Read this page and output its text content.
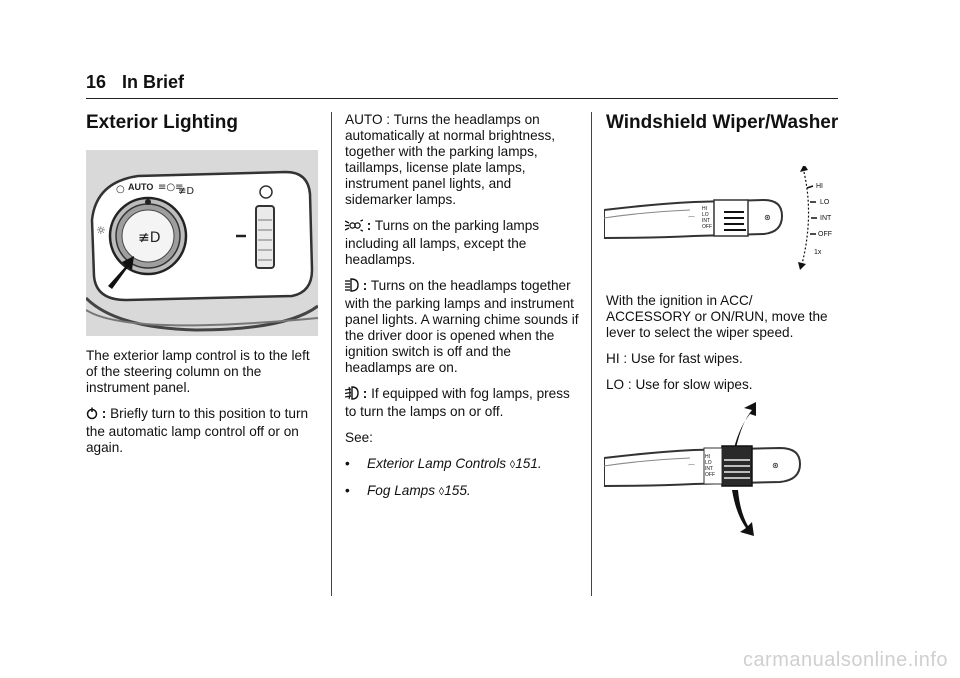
16 In Brief
Exterior Lighting
≢D
☼
○ AUTO ≡○≡
≢D

The exterior lamp control is to the left of the steering column on the instrument panel.

: Briefly turn to this position to turn the automatic lamp control off or on again.

AUTO : Turns the headlamps on automatically at normal brightness, together with the parking lamps, taillamps, license plate lamps, instrument panel lights, and sidemarker lamps.

: Turns on the parking lamps including all lamps, except the headlamps.

: Turns on the headlamps together with the parking lamps and instrument panel lights. A warning chime sounds if the driver door is opened when the ignition switch is off and the headlamps are on.

: If equipped with fog lamps, press to turn the lamps on or off.

See:

• Exterior Lamp Controls ◊151.

• Fog Lamps ◊155.

Windshield Wiper/Washer
HI
LO
INT
OFF
⌒	⊛
HI
LO
INT
OFF
1x

With the ignition in ACC/ ACCESSORY or ON/RUN, move the lever to select the wiper speed.

HI : Use for fast wipes.

LO : Use for slow wipes.

HI
LO
INT
OFF
⌒	⊛
carmanualsonline.info
